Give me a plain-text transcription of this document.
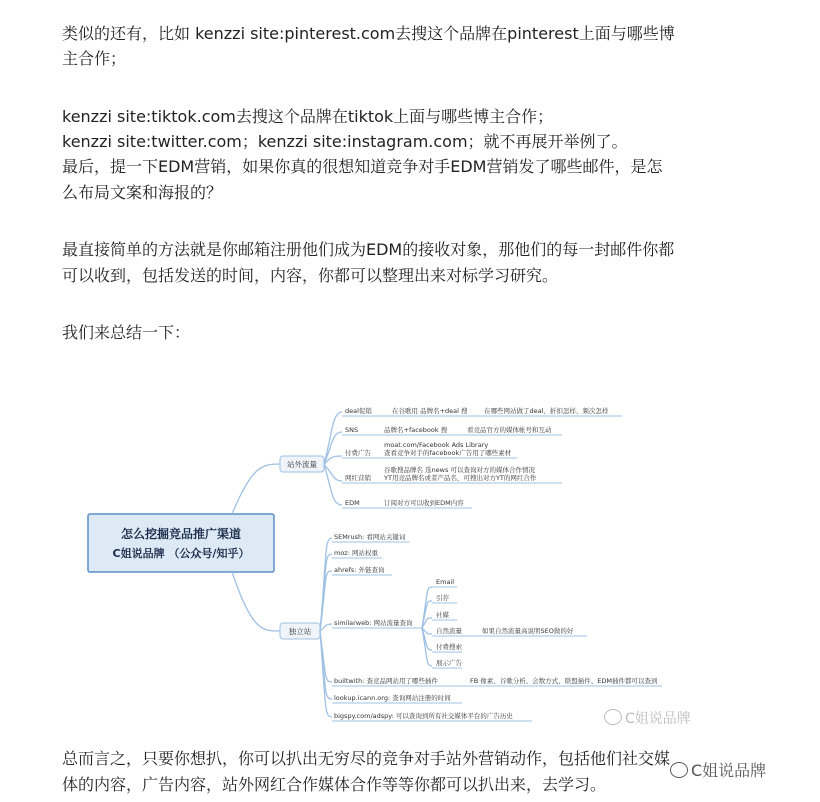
类似的还有，比如 kenzzi site:pinterest.com去搜这个品牌在pinterest上面与哪些博

主合作；

kenzzi site:tiktok.com去搜这个品牌在tiktok上面与哪些博主合作；

kenzzi site:twitter.com；kenzzi site:instagram.com；就不再展开举例了。

最后，提一下EDM营销，如果你真的很想知道竞争对手EDM营销发了哪些邮件，是怎

么布局文案和海报的？

最直接简单的方法就是你邮箱注册他们成为EDM的接收对象，那他们的每一封邮件你都

可以收到，包括发送的时间，内容，你都可以整理出来对标学习研究。

我们来总结一下：

怎么挖掘竞品推广渠道
C姐说品牌 （公众号/知乎）
站外流量
deal促销	在谷歌用 品牌名+deal 搜	在哪些网站做了deal、折扣怎样、频次怎样
SNS	品牌名+facebook 搜	看竞品官方的媒体帐号和互动
付费广告
moat.com/Facebook Ads Library
查看竞争对手的facebook广告用了哪些素材
网红营销
谷歌搜品牌名 选news 可以查询对方的媒体合作情况
YT用竞品牌名或者产品名，可搜出对方YT的网红合作
EDM	订阅对方可以收到EDM内容
独立站
SEMrush: 看网站关键词
moz: 网站权重
ahrefs: 外链查询
similarweb: 网站流量查询
Email
引荐
社媒
自然流量	如果自然流量高说明SEO做的好
付费搜索
展示广告
builtwith: 查竞品网站用了哪些插件	FB 像素、谷歌分析、会数方式、联盟插件、EDM插件都可以查到
lookup.icann.org: 查询网站注册的时间
bigspy.com/adspy: 可以查询到所有社交媒体平台的广告历史	C姐说品牌

总而言之，只要你想扒，你可以扒出无穷尽的竞争对手站外营销动作，包括他们社交媒

体的内容，广告内容，站外网红合作媒体合作等等你都可以扒出来，去学习。

C姐说品牌
